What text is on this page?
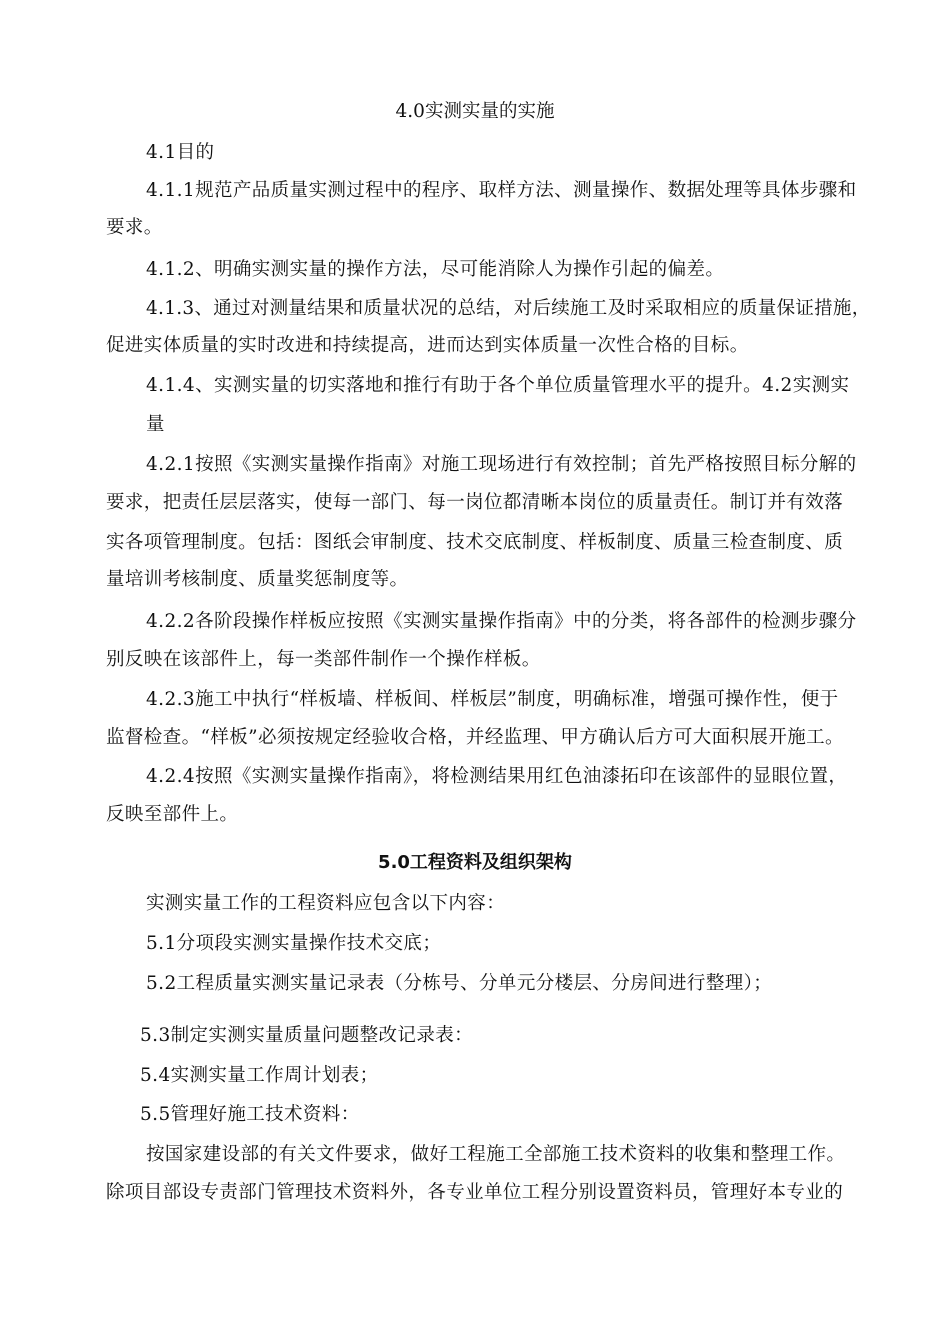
4.0实测实量的实施
4.1目的
4.1.1规范产品质量实测过程中的程序、取样方法、测量操作、数据处理等具体步骤和
要求。
4.1.2、明确实测实量的操作方法，尽可能消除人为操作引起的偏差。
4.1.3、通过对测量结果和质量状况的总结，对后续施工及时采取相应的质量保证措施，
促进实体质量的实时改进和持续提高，进而达到实体质量一次性合格的目标。
4.1.4、实测实量的切实落地和推行有助于各个单位质量管理水平的提升。4.2实测实
量
4.2.1按照《实测实量操作指南》对施工现场进行有效控制；首先严格按照目标分解的
要求，把责任层层落实，使每一部门、每一岗位都清晰本岗位的质量责任。制订并有效落
实各项管理制度。包括：图纸会审制度、技术交底制度、样板制度、质量三检查制度、质
量培训考核制度、质量奖惩制度等。
4.2.2各阶段操作样板应按照《实测实量操作指南》中的分类，将各部件的检测步骤分
别反映在该部件上，每一类部件制作一个操作样板。
4.2.3施工中执行“样板墙、样板间、样板层”制度，明确标准，增强可操作性，便于
监督检查。“样板”必须按规定经验收合格，并经监理、甲方确认后方可大面积展开施工。
4.2.4按照《实测实量操作指南》，将检测结果用红色油漆拓印在该部件的显眼位置，
反映至部件上。
5.0工程资料及组织架构
实测实量工作的工程资料应包含以下内容：
5.1分项段实测实量操作技术交底；
5.2工程质量实测实量记录表（分栋号、分单元分楼层、分房间进行整理）；
5.3制定实测实量质量问题整改记录表：
5.4实测实量工作周计划表；
5.5管理好施工技术资料：
按国家建设部的有关文件要求，做好工程施工全部施工技术资料的收集和整理工作。
除项目部设专责部门管理技术资料外，各专业单位工程分别设置资料员，管理好本专业的
